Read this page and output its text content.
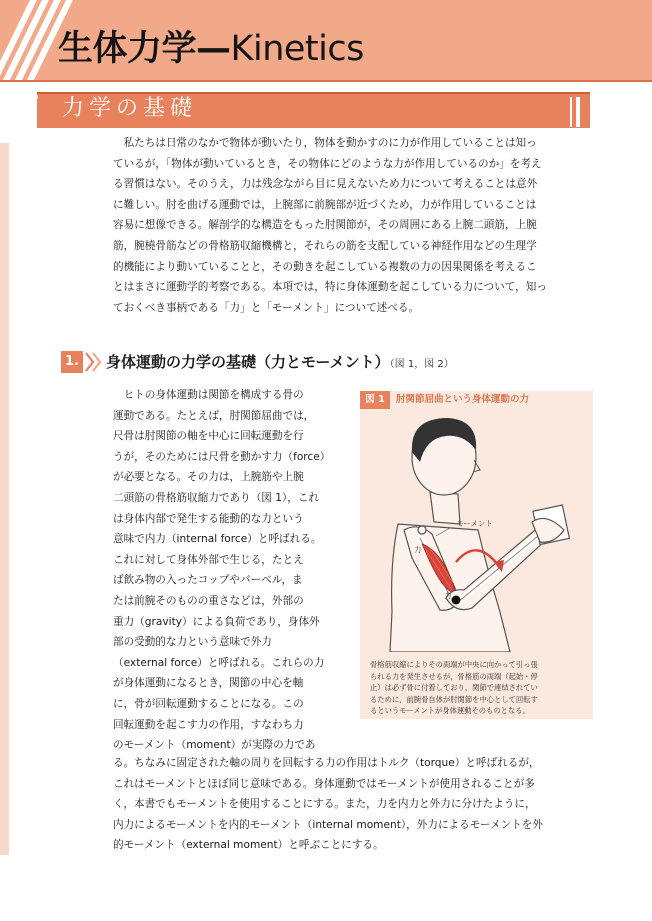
生体力学—Kinetics
力学の基礎
　私たちは日常のなかで物体が動いたり，物体を動かすのに力が作用していることは知っ
ているが，「物体が動いているとき，その物体にどのような力が作用しているのか」を考え
る習慣はない。そのうえ，力は残念ながら目に見えないため力について考えることは意外
に難しい。肘を曲げる運動では，上腕部に前腕部が近づくため，力が作用していることは
容易に想像できる。解剖学的な構造をもった肘関節が，その周囲にある上腕二頭筋，上腕
筋，腕橈骨筋などの骨格筋収縮機構と，それらの筋を支配している神経作用などの生理学
的機能により動いていることと，その動きを起こしている複数の力の因果関係を考えるこ
とはまさに運動学的考察である。本項では，特に身体運動を起こしている力について，知っ
ておくべき事柄である「力」と「モーメント」について述べる。
1. 身体運動の力学の基礎（力とモーメント）（図 1，図 2）
　ヒトの身体運動は関節を構成する骨の
運動である。たとえば，肘関節屈曲では，
尺骨は肘関節の軸を中心に回転運動を行
うが，そのためには尺骨を動かす力（force）
が必要となる。その力は，上腕筋や上腕
二頭筋の骨格筋収縮力であり（図 1），これ
は身体内部で発生する能動的な力という
意味で内力（internal force）と呼ばれる。
これに対して身体外部で生じる，たとえ
ば飲み物の入ったコップやバーベル，ま
たは前腕そのものの重さなどは，外部の
重力（gravity）による負荷であり，身体外
部の受動的な力という意味で外力
（external force）と呼ばれる。これらの力
が身体運動になるとき，関節の中心を軸
に，骨が回転運動することになる。この
回転運動を起こす力の作用，すなわち力
のモーメント（moment）が実際の力であ
図 1	肘関節屈曲という身体運動の力
モーメント
力
力
骨格筋収縮によりその両端が中央に向かって引っ張
られる力を発生させるが，骨格筋の両端（起始・停
止）は必ず骨に付着しており，関節で連結されてい
るために，前腕骨自体が肘関節を中心として回転す
るというモーメントが身体運動そのものとなる。
る。ちなみに固定された軸の周りを回転する力の作用はトルク（torque）と呼ばれるが，
これはモーメントとほぼ同じ意味である。身体運動ではモーメントが使用されることが多
く，本書でもモーメントを使用することにする。また，力を内力と外力に分けたように，
内力によるモーメントを内的モーメント（internal moment），外力によるモーメントを外
的モーメント（external moment）と呼ぶことにする。
